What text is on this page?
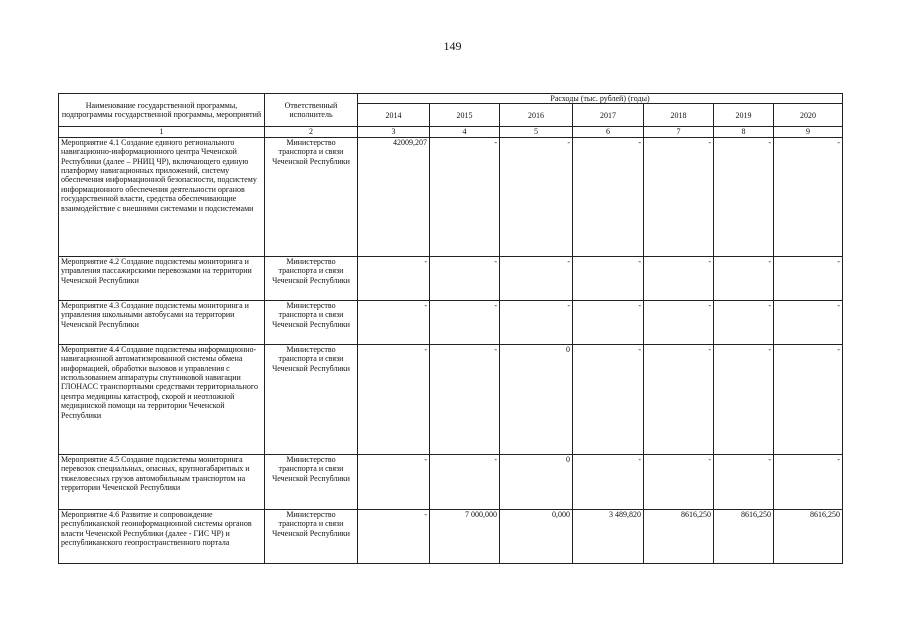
149
Наименование государственной программы, подпрограммы государственной программы, мероприятий	Ответственный исполнитель	Расходы (тыс. рублей) (годы)						
		2014	2015	2016	2017	2018	2019	2020
1	2	3	4	5	6	7	8	9
Мероприятие 4.1 Создание единого регионального навигационно-информационного центра Чеченской Республики (далее – РНИЦ ЧР), включающего единую платформу навигационных приложений, систему обеспечения информационной безопасности, подсистему информационного обеспечения деятельности органов государственной власти, средства обеспечивающие взаимодействие с внешними системами и подсистемами	Министерство транспорта и связи Чеченской Республики	42009,207	-	-	-	-	-	-
Мероприятие 4.2 Создание подсистемы мониторинга и управления пассажирскими перевозками на территории Чеченской Республики	Министерство транспорта и связи Чеченской Республики	-	-	-	-	-	-	-
Мероприятие 4.3 Создание подсистемы мониторинга и управления школьными автобусами на территории Чеченской Республики	Министерство транспорта и связи Чеченской Республики	-	-	-	-	-	-	-
Мероприятие 4.4 Создание подсистемы информационно-навигационной автоматизированной системы обмена информацией, обработки вызовов и управления с использованием аппаратуры спутниковой навигации ГЛОНАСС транспортными средствами территориального центра медицины катастроф, скорой и неотложной медицинской помощи на территории Чеченской Республики	Министерство транспорта и связи Чеченской Республики	-	-	0	-	-	-	-
Мероприятие 4.5 Создание подсистемы мониторинга перевозок специальных, опасных, крупногабаритных и тяжеловесных грузов автомобильным транспортом на территории Чеченской Республики	Министерство транспорта и связи Чеченской Республики	-	-	0	-	-	-	-
Мероприятие 4.6 Развитие и сопровождение республиканской геоинформационной системы органов власти Чеченской Республики (далее - ГИС ЧР) и республиканского геопространственного портала	Министерство транспорта и связи Чеченской Республики	-	7 000,000	0,000	3 489,820	8616,250	8616,250	8616,250
